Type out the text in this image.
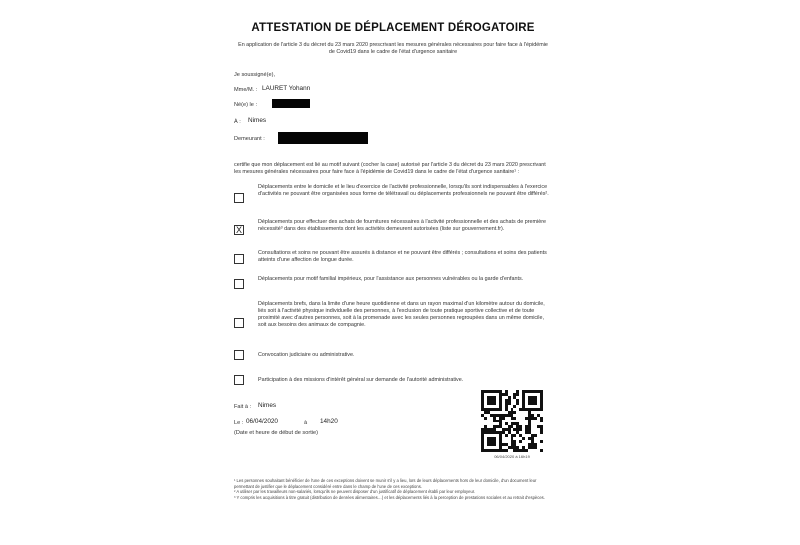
ATTESTATION DE DÉPLACEMENT DÉROGATOIRE
En application de l'article 3 du décret du 23 mars 2020 prescrivant les mesures générales nécessaires pour faire face à l'épidémie de Covid19 dans le cadre de l'état d'urgence sanitaire
Je soussigné(e),
Mme/M. : LAURET Yohann
Né(e) le :
À : Nimes
Demeurant :
certifie que mon déplacement est lié au motif suivant (cocher la case) autorisé par l'article 3 du décret du 23 mars 2020 prescrivant les mesures générales nécessaires pour faire face à l'épidémie de Covid19 dans le cadre de l'état d'urgence sanitaire¹ :
Déplacements entre le domicile et le lieu d'exercice de l'activité professionnelle, lorsqu'ils sont indispensables à l'exercice d'activités ne pouvant être organisées sous forme de télétravail ou déplacements professionnels ne pouvant être différés².
X
Déplacements pour effectuer des achats de fournitures nécessaires à l'activité professionnelle et des achats de première nécessité³ dans des établissements dont les activités demeurent autorisées (liste sur gouvernement.fr).
Consultations et soins ne pouvant être assurés à distance et ne pouvant être différés ; consultations et soins des patients atteints d'une affection de longue durée.
Déplacements pour motif familial impérieux, pour l'assistance aux personnes vulnérables ou la garde d'enfants.
Déplacements brefs, dans la limite d'une heure quotidienne et dans un rayon maximal d'un kilomètre autour du domicile, liés soit à l'activité physique individuelle des personnes, à l'exclusion de toute pratique sportive collective et de toute proximité avec d'autres personnes, soit à la promenade avec les seules personnes regroupées dans un même domicile, soit aux besoins des animaux de compagnie.
Convocation judiciaire ou administrative.
Participation à des missions d'intérêt général sur demande de l'autorité administrative.
Fait à : Nimes
Le : 06/04/2020	à 14h20
(Date et heure de début de sortie)
06/04/2020 à 16h19
¹ Les personnes souhaitant bénéficier de l'une de ces exceptions doivent se munir s'il y a lieu, lors de leurs déplacements hors de leur domicile, d'un document leur permettant de justifier que le déplacement considéré entre dans le champ de l'une de ces exceptions.
² A utiliser par les travailleurs non-salariés, lorsqu'ils ne peuvent disposer d'un justificatif de déplacement établi par leur employeur.
³ Y compris les acquisitions à titre gratuit (distribution de denrées alimentaires…) et les déplacements liés à la perception de prestations sociales et au retrait d'espèces.
